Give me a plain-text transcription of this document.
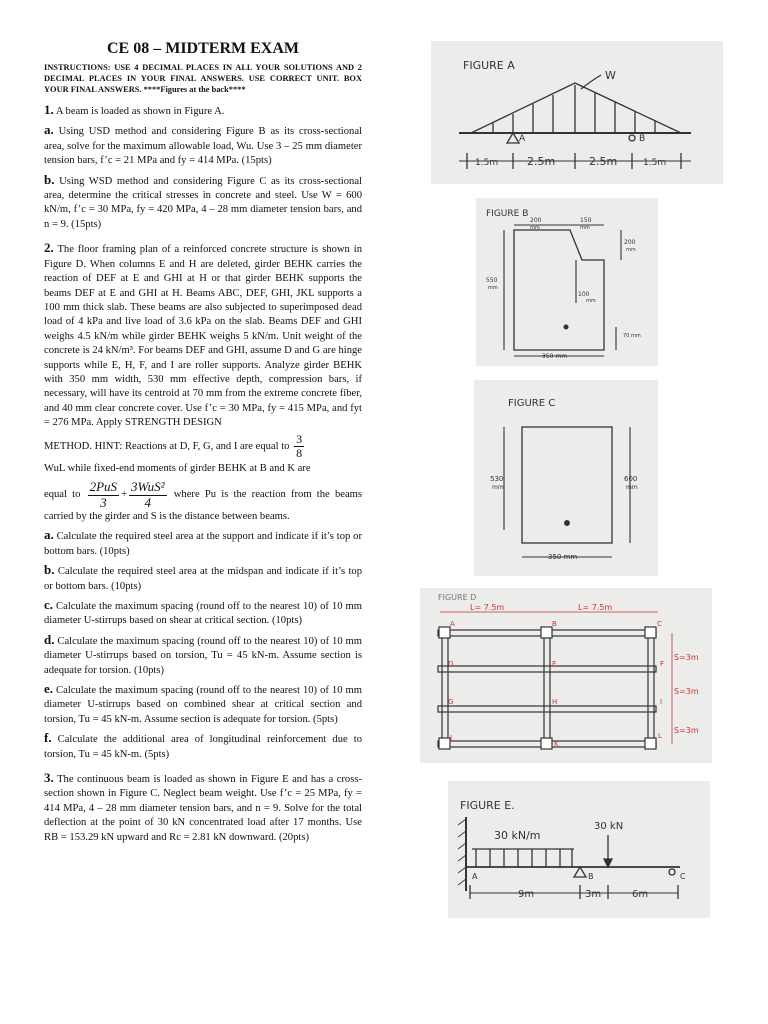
CE 08 – MIDTERM EXAM
INSTRUCTIONS: USE 4 DECIMAL PLACES IN ALL YOUR SOLUTIONS AND 2 DECIMAL PLACES IN YOUR FINAL ANSWERS. USE CORRECT UNIT. BOX YOUR FINAL ANSWERS. ****Figures at the back****
1. A beam is loaded as shown in Figure A.
a. Using USD method and considering Figure B as its cross-sectional area, solve for the maximum allowable load, Wu. Use 3 – 25 mm diameter tension bars, f’c = 21 MPa and fy = 414 MPa. (15pts)
b. Using WSD method and considering Figure C as its cross-sectional area, determine the critical stresses in concrete and steel. Use W = 600 kN/m, f’c = 30 MPa, fy = 420 MPa, 4 – 28 mm diameter tension bars, and n = 9. (15pts)
2. The floor framing plan of a reinforced concrete structure is shown in Figure D. When columns E and H are deleted, girder BEHK carries the reaction of DEF at E and GHI at H or that girder BEHK supports the beams DEF at E and GHI at H. Beams ABC, DEF, GHI, JKL supports a 100 mm thick slab. These beams are also subjected to superimposed dead load of 4 kPa and live load of 3.6 kPa on the slab. Beams DEF and GHI weighs 4.5 kN/m while girder BEHK weighs 5 kN/m. Unit weight of the concrete is 24 kN/m³. For beams DEF and GHI, assume D and G are hinge supports while E, H, F, and I are roller supports. Analyze girder BEHK with 350 mm width, 530 mm effective depth, compression bars, if necessary, will have its centroid at 70 mm from the extreme concrete fiber, and 40 mm clear concrete cover. Use f’c = 30 MPa, fy = 415 MPa, and fyt = 276 MPa. Apply STRENGTH DESIGN
METHOD. HINT: Reactions at D, F, G, and I are equal to $\frac{3}{8}$
WuL while fixed-end moments of girder BEHK at B and K are
equal to $\frac{\text{2PuS}}{3} + \frac{\text{3WuS²}}{4}$ where Pu is the reaction from the beams carried by the girder and S is the distance between beams.
a. Calculate the required steel area at the support and indicate if it’s top or bottom bars. (10pts)
b. Calculate the required steel area at the midspan and indicate if it’s top or bottom bars. (10pts)
c. Calculate the maximum spacing (round off to the nearest 10) of 10 mm diameter U-stirrups based on shear at critical section. (10pts)
d. Calculate the maximum spacing (round off to the nearest 10) of 10 mm diameter U-stirrups based on torsion, Tu = 45 kN-m. Assume section is adequate for torsion. (10pts)
e. Calculate the maximum spacing (round off to the nearest 10) of 10 mm diameter U-stirrups based on combined shear at critical section and torsion, Tu = 45 kN-m. Assume section is adequate for torsion. (5pts)
f. Calculate the additional area of longitudinal reinforcement due to torsion, Tu = 45 kN-m. (5pts)
3. The continuous beam is loaded as shown in Figure E and has a cross-section shown in Figure C. Neglect beam weight. Use f’c = 25 MPa, fy = 414 MPa, 4 – 28 mm diameter tension bars, and n = 9. Solve for the total deflection at the point of 30 kN concentrated load after 17 months. Use RB = 153.29 kN upward and Rc = 2.81 kN downward. (20pts)
FIGURE A
W
A	B
1.5m	2.5m	2.5m	1.5m
FIGURE B
200
mm
150
mm
200
mm
550
mm
100
mm
70 mm
350 mm
FIGURE C
530
mm
600
mm
350 mm
FIGURE D
L= 7.5m	L= 7.5m
A	B	C
D	E	F
G	H	I
J
K
L
S=3m
S=3m
S=3m
FIGURE E.
30 kN/m
30 kN
A	B	C
9m	3m	6m
